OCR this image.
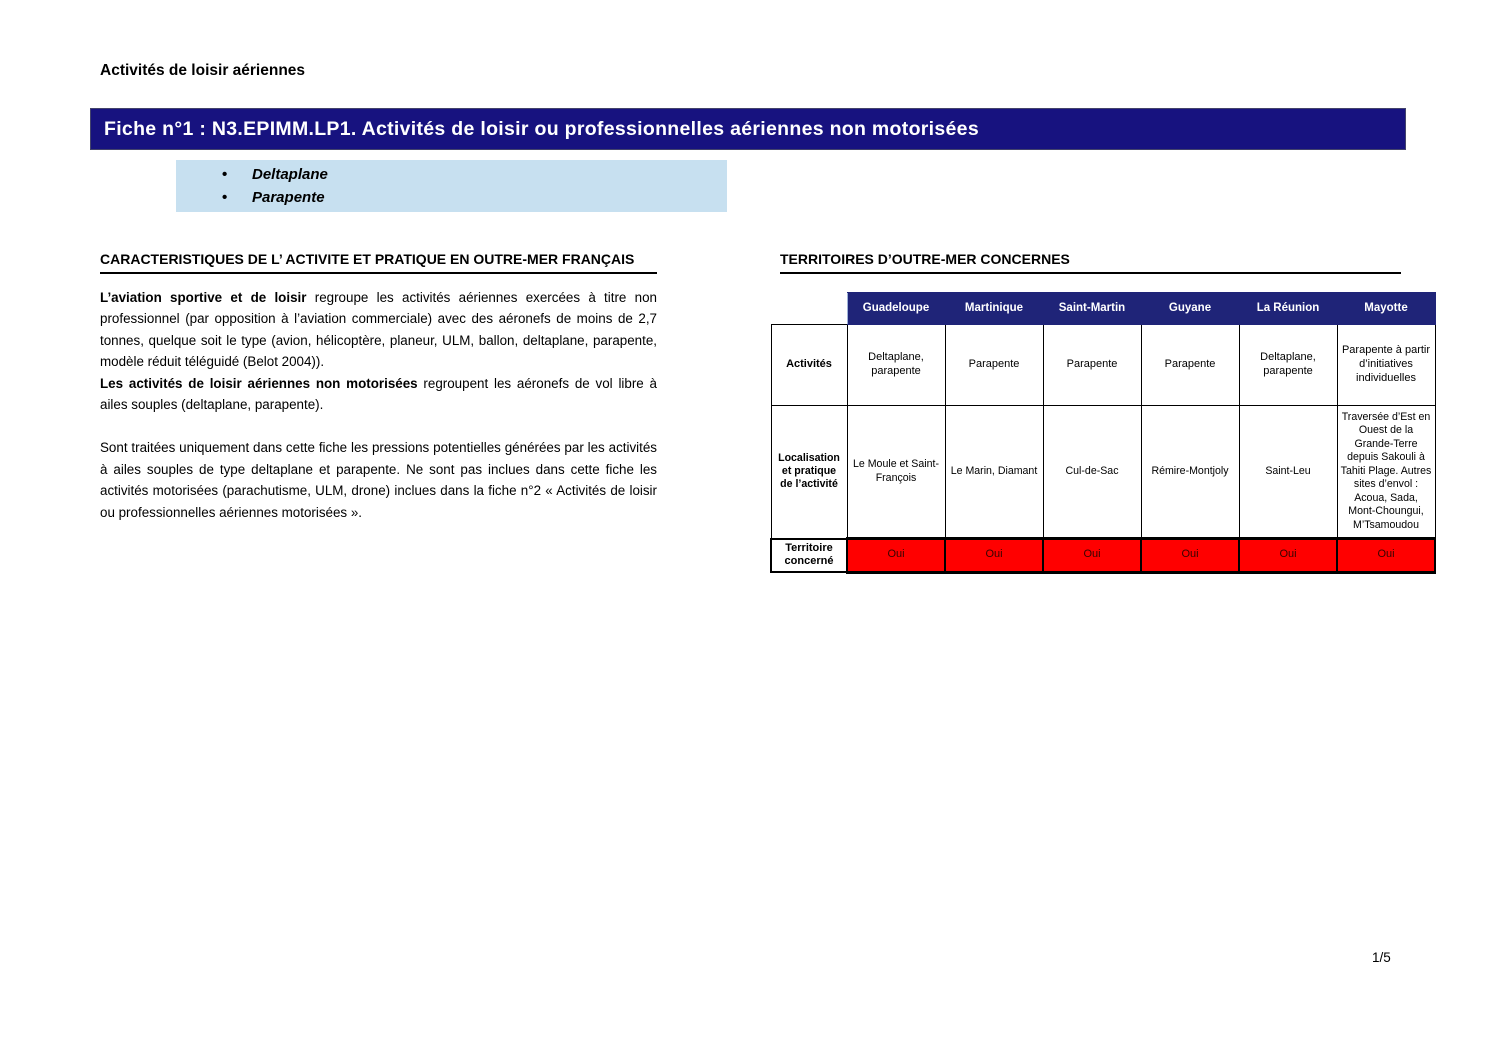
Activités de loisir aériennes
Fiche n°1 : N3.EPIMM.LP1. Activités de loisir ou professionnelles aériennes non motorisées
•	Deltaplane
•	Parapente
CARACTERISTIQUES DE L’ ACTIVITE ET PRATIQUE EN OUTRE-MER FRANÇAIS

L’aviation sportive et de loisir regroupe les activités aériennes exercées à titre non professionnel (par opposition à l’aviation commerciale) avec des aéronefs de moins de 2,7 tonnes, quelque soit le type (avion, hélicoptère, planeur, ULM, ballon, deltaplane, parapente, modèle réduit téléguidé (Belot 2004)).

Les activités de loisir aériennes non motorisées regroupent les aéronefs de vol libre à ailes souples (deltaplane, parapente).

Sont traitées uniquement dans cette fiche les pressions potentielles générées par les activités à ailes souples de type deltaplane et parapente. Ne sont pas inclues dans cette fiche les activités motorisées (parachutisme, ULM, drone) inclues dans la fiche n°2 « Activités de loisir ou professionnelles aériennes motorisées ».

TERRITOIRES D’OUTRE-MER CONCERNES
	Guadeloupe	Martinique	Saint-Martin	Guyane	La Réunion	Mayotte
Activités	Deltaplane, parapente	Parapente	Parapente	Parapente	Deltaplane, parapente	Parapente à partir d’initiatives individuelles
Localisation et pratique de l’activité	Le Moule et Saint-François	Le Marin, Diamant	Cul-de-Sac	Rémire-Montjoly	Saint-Leu	Traversée d’Est en Ouest de la Grande-Terre depuis Sakouli à Tahiti Plage. Autres sites d’envol : Acoua, Sada, Mont-Choungui, M’Tsamoudou
Territoire concerné	Oui	Oui	Oui	Oui	Oui	Oui
1/5
